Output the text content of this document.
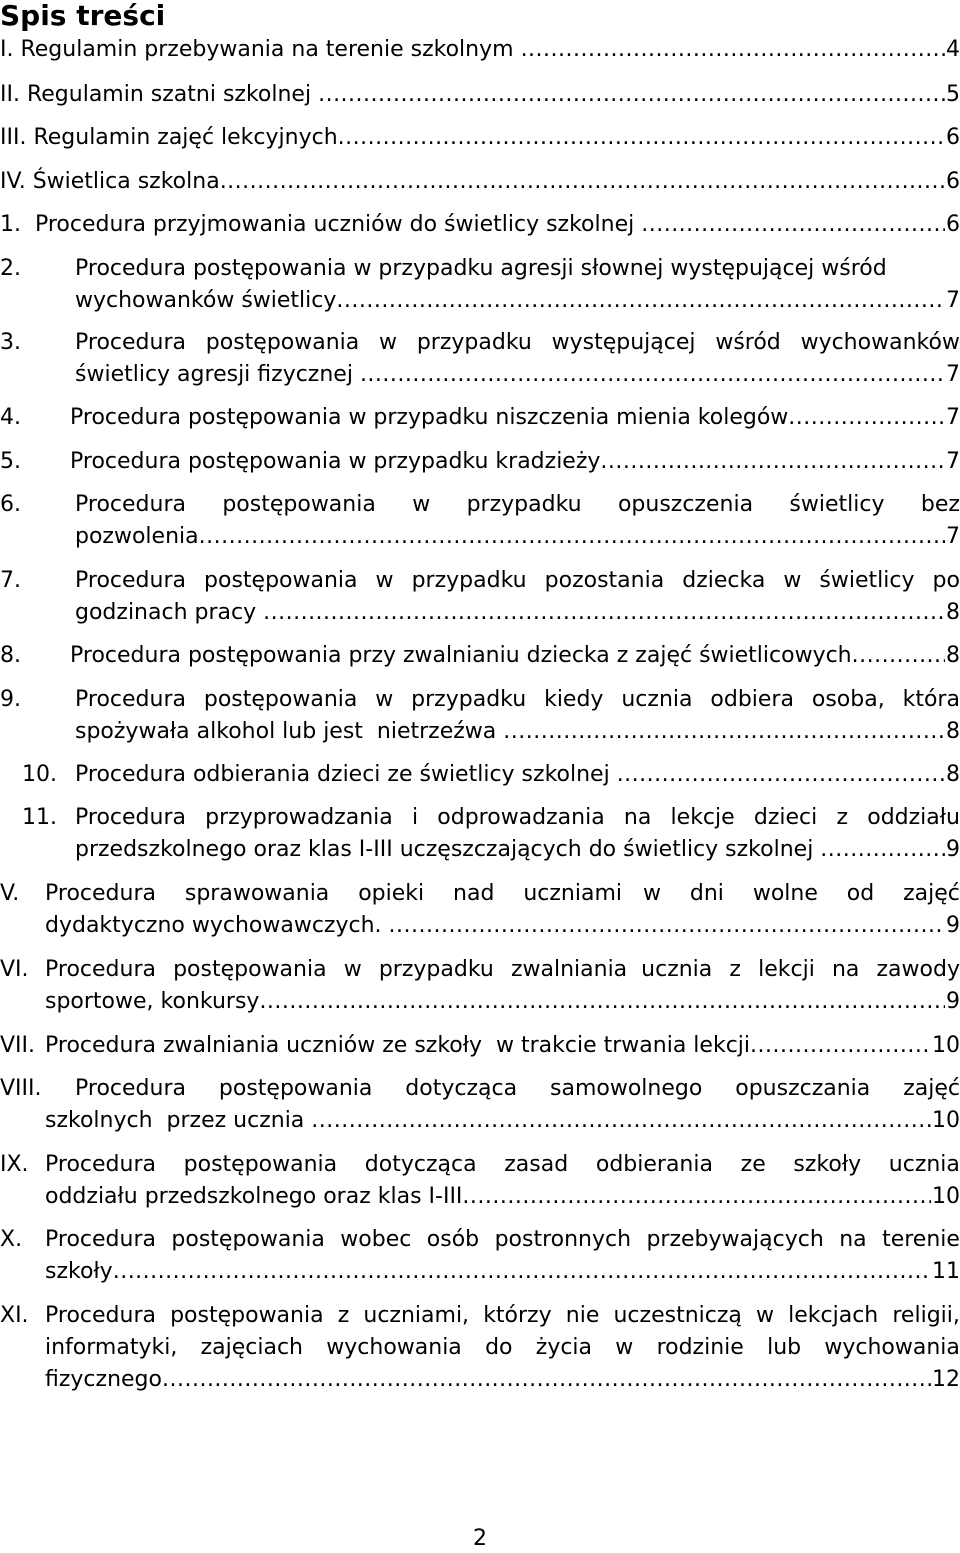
Spis treści
I. Regulamin przebywania na terenie szkolnym .....	4
II. Regulamin szatni szkolnej .....	5
III. Regulamin zajęć lekcyjnych .....	6
IV. Świetlica szkolna .....	6
1.  Procedura przyjmowania uczniów do świetlicy szkolnej .....	6
2. Procedura postępowania w przypadku agresji słownej występującej wśród
wychowanków świetlicy .....	7
3. Procedura postępowania w przypadku występującej wśród wychowanków
świetlicy agresji fizycznej .....	7
4. Procedura postępowania w przypadku niszczenia mienia kolegów .....	7
5. Procedura postępowania w przypadku kradzieży .....	7
6. Procedura postępowania w przypadku opuszczenia świetlicy bez
pozwolenia .....	7
7. Procedura postępowania w przypadku pozostania dziecka w świetlicy po
godzinach pracy .....	8
8. Procedura postępowania przy zwalnianiu dziecka z zajęć świetlicowych .....	8
9. Procedura postępowania w przypadku kiedy ucznia odbiera osoba, która
spożywała alkohol lub jest  nietrzeźwa .....	8
10. Procedura odbierania dzieci ze świetlicy szkolnej .....	8
11. Procedura przyprowadzania i odprowadzania na lekcje dzieci z oddziału
przedszkolnego oraz klas I-III uczęszczających do świetlicy szkolnej .....	9
V. Procedura sprawowania opieki nad uczniami   w dni wolne od zajęć
dydaktyczno wychowawczych. .....	9
VI. Procedura postępowania w przypadku zwalniania  ucznia z lekcji na zawody
sportowe, konkursy .....	9
VII. Procedura zwalniania uczniów ze szkoły  w trakcie trwania lekcji .....	10
VIII. Procedura postępowania dotycząca samowolnego opuszczania zajęć
szkolnych  przez ucznia .....	10
IX. Procedura postępowania dotycząca zasad odbierania ze szkoły ucznia
oddziału przedszkolnego oraz klas I-III .....	10
X. Procedura postępowania wobec osób postronnych przebywających na terenie
szkoły .....	11
XI. Procedura postępowania z uczniami, którzy nie uczestniczą w lekcjach religii,
informatyki, zajęciach wychowania do życia w rodzinie lub wychowania
fizycznego .....	12
2
